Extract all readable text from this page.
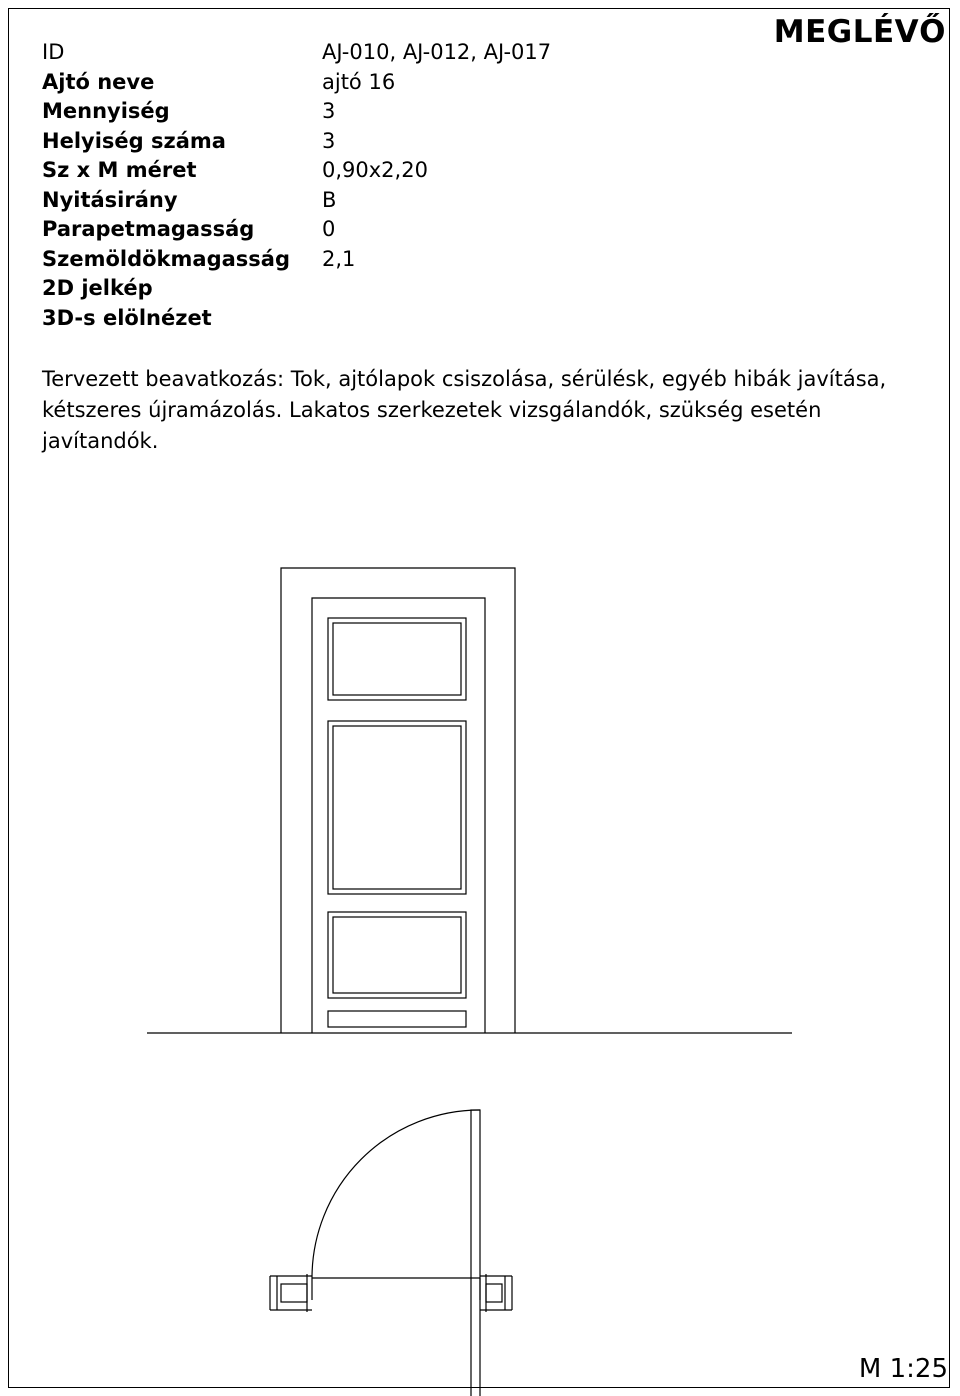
MEGLÉVŐ
ID	AJ-010, AJ-012, AJ-017
Ajtó neve	ajtó 16
Mennyiség	3
Helyiség száma	3
Sz x M méret	0,90x2,20
Nyitásirány	B
Parapetmagasság	0
Szemöldökmagasság 2,1
2D jelkép
3D-s elölnézet
Tervezett beavatkozás: Tok, ajtólapok csiszolása, sérülésk, egyéb hibák javítása, kétszeres újramázolás. Lakatos szerkezetek vizsgálandók, szükség esetén javítandók.
M 1:25
